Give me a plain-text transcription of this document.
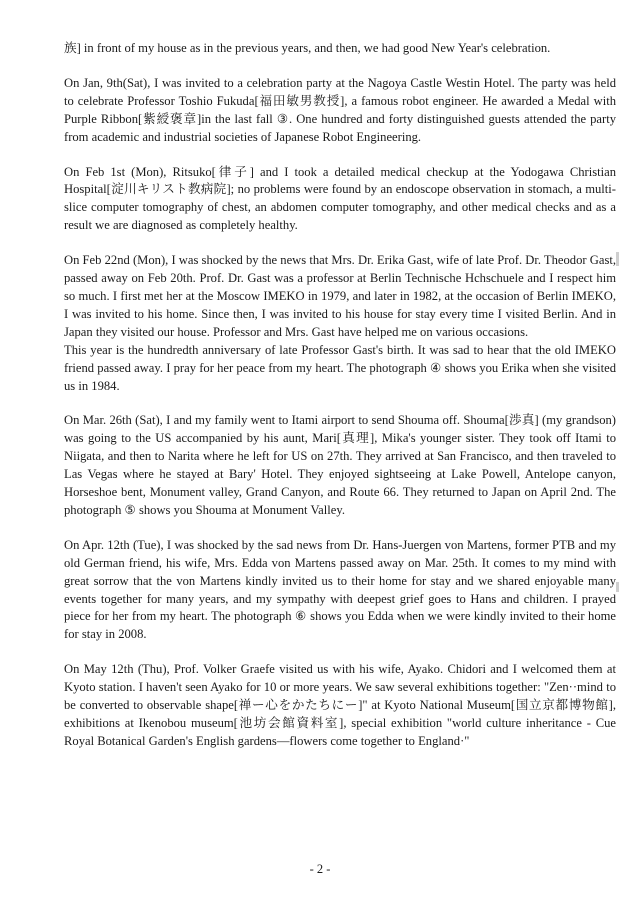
族] in front of my house as in the previous years, and then, we had good New Year's celebration.

On Jan, 9th(Sat), I was invited to a celebration party at the Nagoya Castle Westin Hotel. The party was held to celebrate Professor Toshio Fukuda[福田敏男教授], a famous robot engineer. He awarded a Medal with Purple Ribbon[紫綬褒章]in the last fall ③. One hundred and forty distinguished guests attended the party from academic and industrial societies of Japanese Robot Engineering.

On Feb 1st (Mon), Ritsuko[律子] and I took a detailed medical checkup at the Yodogawa Christian Hospital[淀川キリスト教病院]; no problems were found by an endoscope observation in stomach, a multi-slice computer tomography of chest, an abdomen computer tomography, and other medical checks and as a result we are diagnosed as completely healthy.

On Feb 22nd (Mon), I was shocked by the news that Mrs. Dr. Erika Gast, wife of late Prof. Dr. Theodor Gast, passed away on Feb 20th. Prof. Dr. Gast was a professor at Berlin Technische Hchschuele and I respect him so much. I first met her at the Moscow IMEKO in 1979, and later in 1982, at the occasion of Berlin IMEKO, I was invited to his home. Since then, I was invited to his house for stay every time I visited Berlin. And in Japan they visited our house. Professor and Mrs. Gast have helped me on various occasions.

This year is the hundredth anniversary of late Professor Gast's birth. It was sad to hear that the old IMEKO friend passed away. I pray for her peace from my heart. The photograph ④ shows you Erika when she visited us in 1984.

On Mar. 26th (Sat), I and my family went to Itami airport to send Shouma off. Shouma[渉真] (my grandson) was going to the US accompanied by his aunt, Mari[真理], Mika's younger sister. They took off Itami to Niigata, and then to Narita where he left for US on 27th. They arrived at San Francisco, and then traveled to Las Vegas where he stayed at Bary' Hotel. They enjoyed sightseeing at Lake Powell, Antelope canyon, Horseshoe bent, Monument valley, Grand Canyon, and Route 66. They returned to Japan on April 2nd. The photograph ⑤ shows you Shouma at Monument Valley.

On Apr. 12th (Tue), I was shocked by the sad news from Dr. Hans-Juergen von Martens, former PTB and my old German friend, his wife, Mrs. Edda von Martens passed away on Mar. 25th. It comes to my mind with great sorrow that the von Martens kindly invited us to their home for stay and we shared enjoyable many events together for many years, and my sympathy with deepest grief goes to Hans and children. I prayed piece for her from my heart. The photograph ⑥ shows you Edda when we were kindly invited to their home for stay in 2008.

On May 12th (Thu), Prof. Volker Graefe visited us with his wife, Ayako. Chidori and I welcomed them at Kyoto station. I haven't seen Ayako for 10 or more years. We saw several exhibitions together: "Zen··mind to be converted to observable shape[禅ー心をかたちにー]" at Kyoto National Museum[国立京都博物館], exhibitions at Ikenobou museum[池坊会館資料室], special exhibition "world culture inheritance - Cue Royal Botanical Garden's English gardens—flowers come together to England·"

- 2 -
